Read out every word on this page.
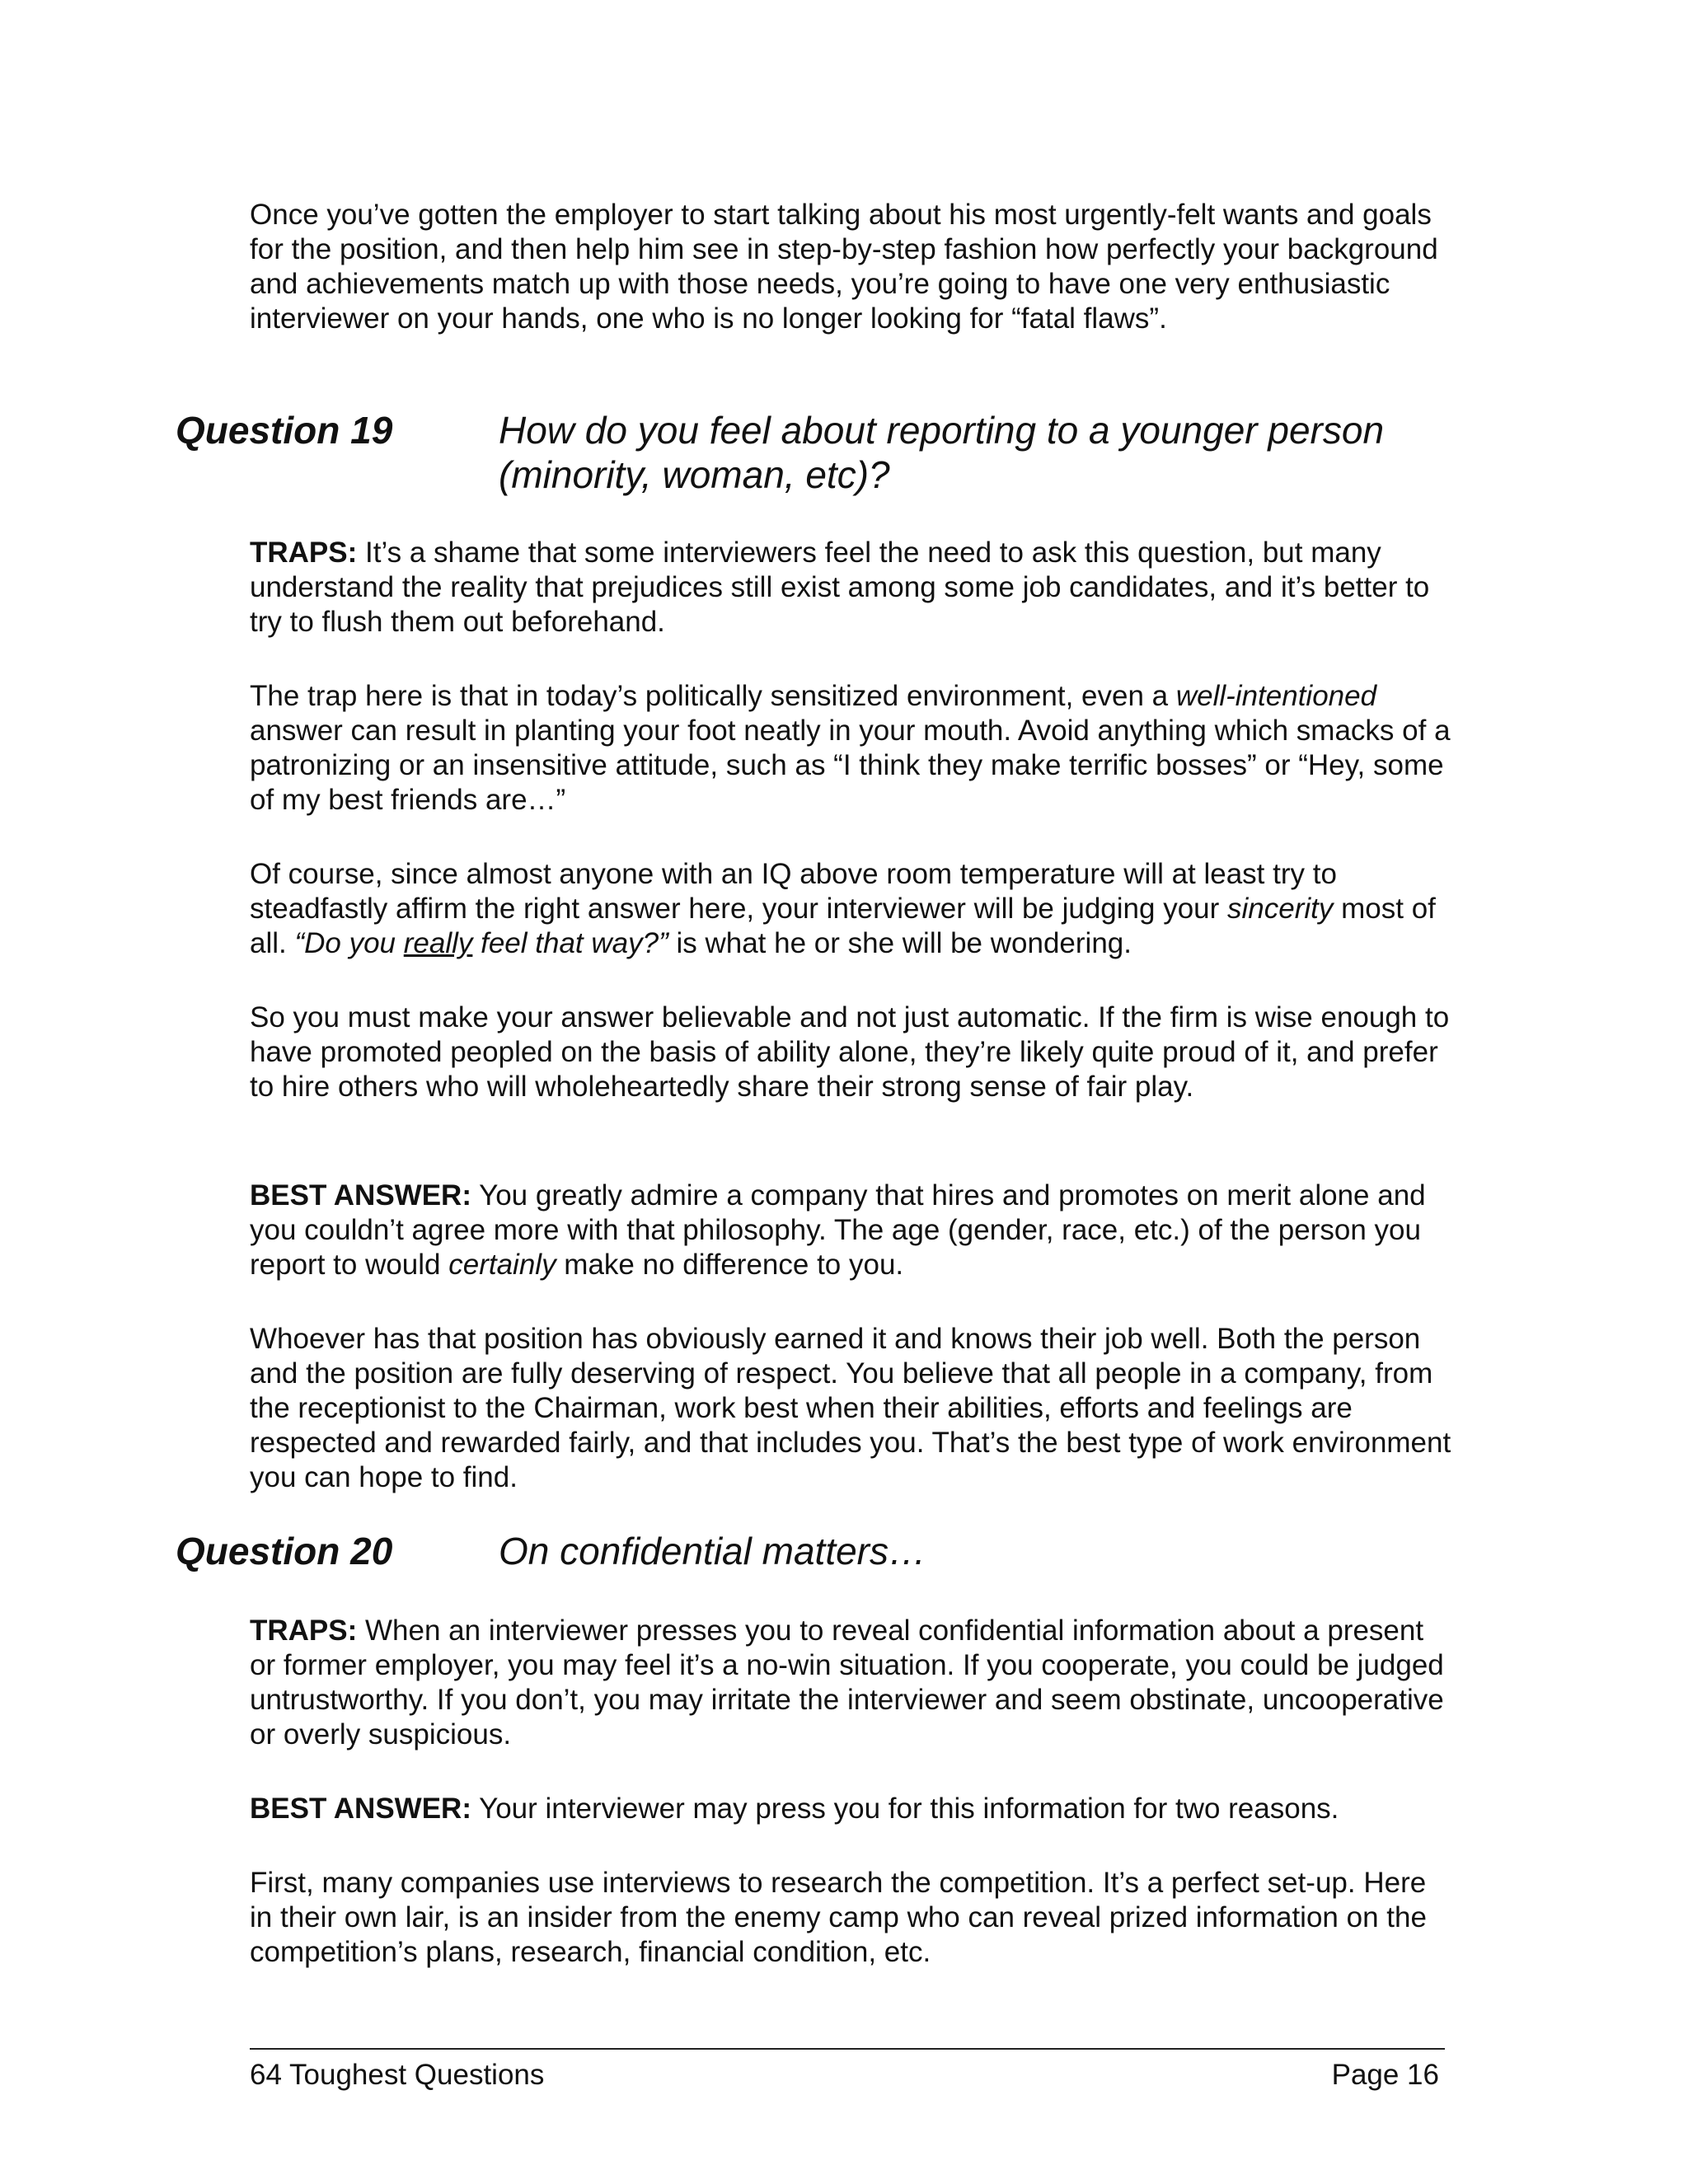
Once you’ve gotten the employer to start talking about his most urgently-felt wants and goals for the position, and then help him see in step-by-step fashion how perfectly your background and achievements match up with those needs, you’re going to have one very enthusiastic interviewer on your hands, one who is no longer looking for “fatal flaws”.

Question 19	How do you feel about reporting to a younger person (minority, woman, etc)?

TRAPS: It’s a shame that some interviewers feel the need to ask this question, but many understand the reality that prejudices still exist among some job candidates, and it’s better to try to flush them out beforehand.

The trap here is that in today’s politically sensitized environment, even a well-intentioned answer can result in planting your foot neatly in your mouth. Avoid anything which smacks of a patronizing or an insensitive attitude, such as “I think they make terrific bosses” or “Hey, some of my best friends are…”

Of course, since almost anyone with an IQ above room temperature will at least try to steadfastly affirm the right answer here, your interviewer will be judging your sincerity most of all. “Do you really feel that way?” is what he or she will be wondering.

So you must make your answer believable and not just automatic. If the firm is wise enough to have promoted peopled on the basis of ability alone, they’re likely quite proud of it, and prefer to hire others who will wholeheartedly share their strong sense of fair play.

BEST ANSWER: You greatly admire a company that hires and promotes on merit alone and you couldn’t agree more with that philosophy. The age (gender, race, etc.) of the person you report to would certainly make no difference to you.

Whoever has that position has obviously earned it and knows their job well. Both the person and the position are fully deserving of respect. You believe that all people in a company, from the receptionist to the Chairman, work best when their abilities, efforts and feelings are respected and rewarded fairly, and that includes you. That’s the best type of work environment you can hope to find.

Question 20	On confidential matters…

TRAPS: When an interviewer presses you to reveal confidential information about a present or former employer, you may feel it’s a no-win situation. If you cooperate, you could be judged untrustworthy. If you don’t, you may irritate the interviewer and seem obstinate, uncooperative or overly suspicious.

BEST ANSWER: Your interviewer may press you for this information for two reasons.

First, many companies use interviews to research the competition. It’s a perfect set-up. Here in their own lair, is an insider from the enemy camp who can reveal prized information on the competition’s plans, research, financial condition, etc.

64 Toughest Questions	Page 16
